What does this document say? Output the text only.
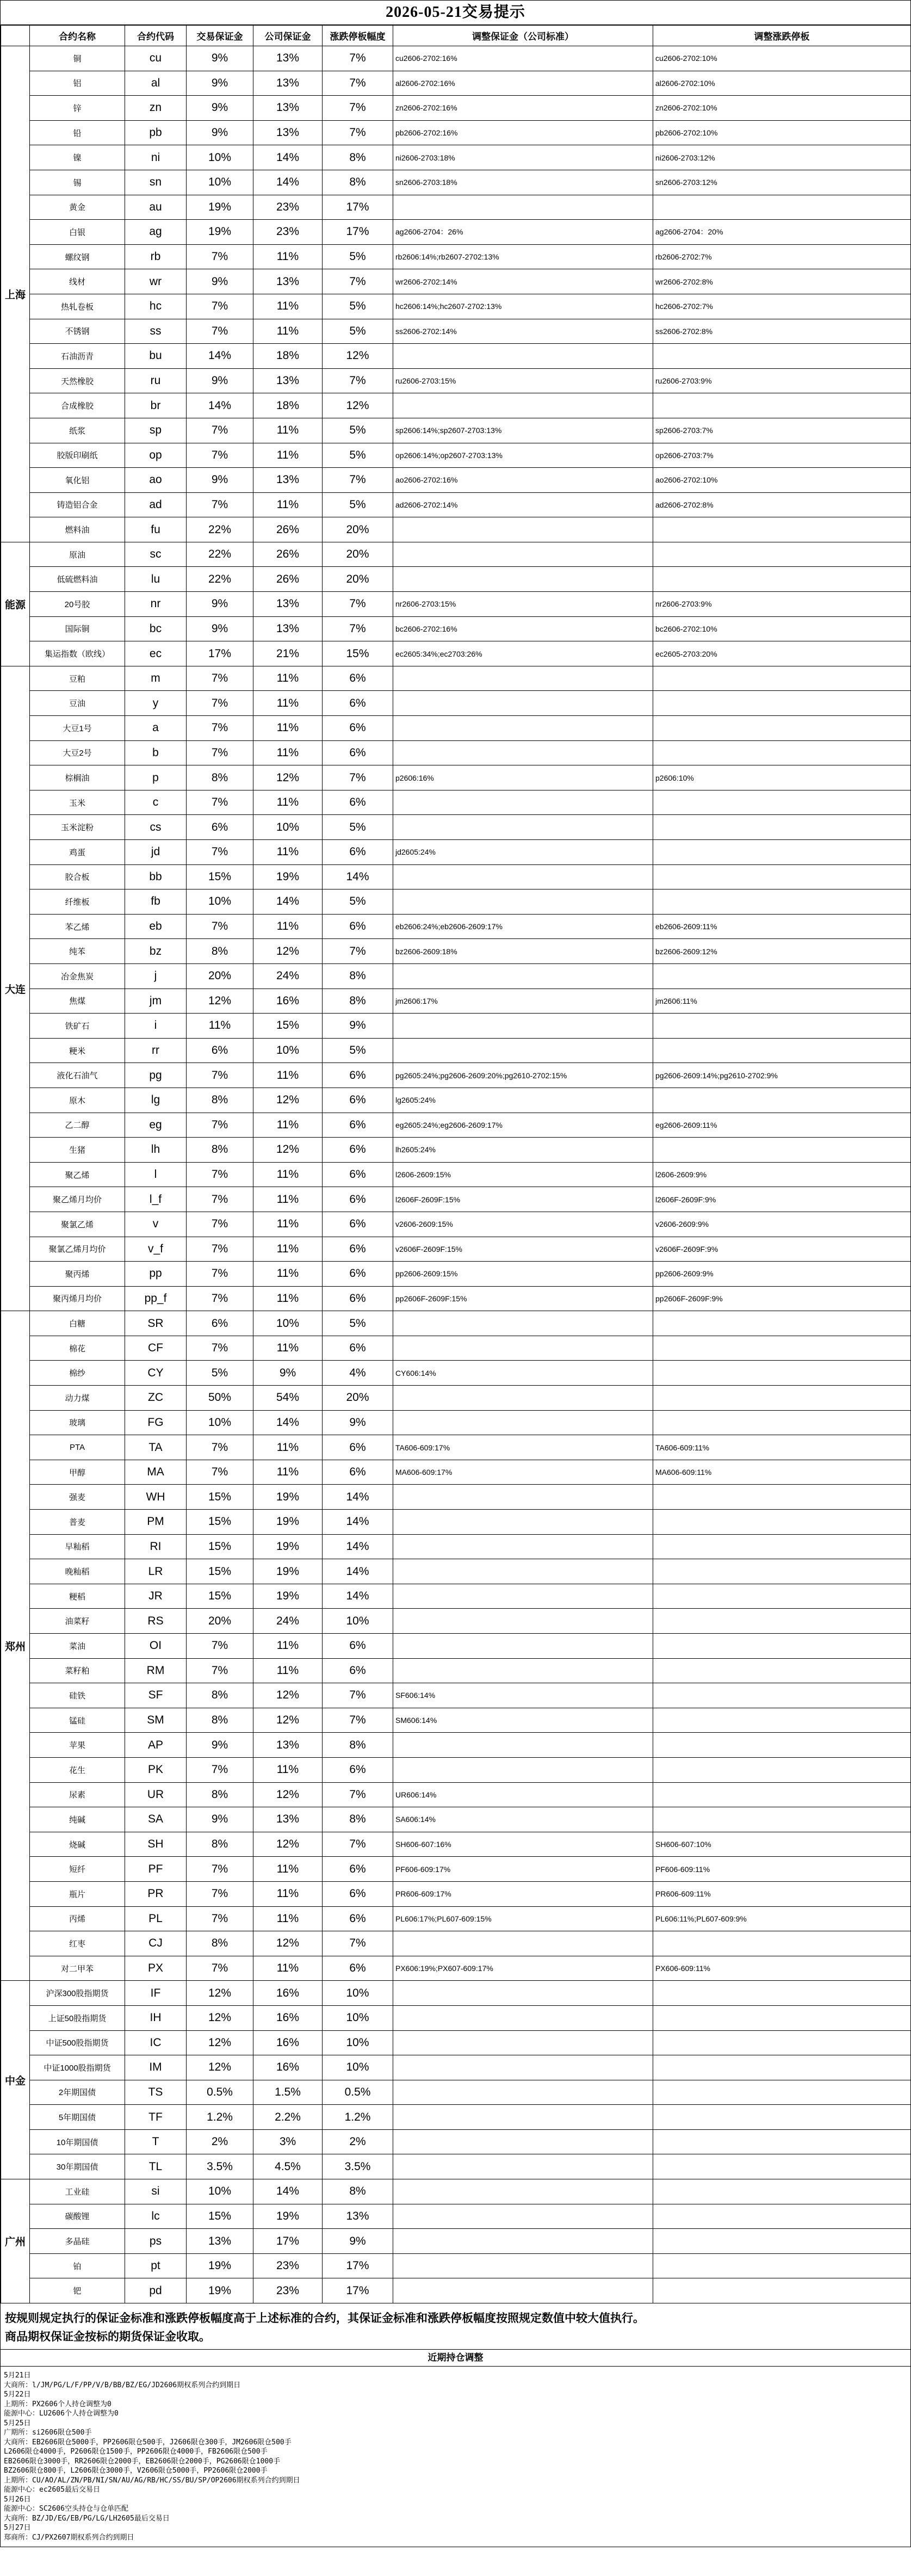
2026-05-21交易提示
	合约名称	合约代码	交易保证金	公司保证金	涨跌停板幅度	调整保证金（公司标准）	调整涨跌停板
上海	铜	cu	9%	13%	7%	cu2606-2702:16%	cu2606-2702:10%
	铝	al	9%	13%	7%	al2606-2702:16%	al2606-2702:10%
	锌	zn	9%	13%	7%	zn2606-2702:16%	zn2606-2702:10%
	铅	pb	9%	13%	7%	pb2606-2702:16%	pb2606-2702:10%
	镍	ni	10%	14%	8%	ni2606-2703:18%	ni2606-2703:12%
	锡	sn	10%	14%	8%	sn2606-2703:18%	sn2606-2703:12%
	黄金	au	19%	23%	17%		
	白银	ag	19%	23%	17%	ag2606-2704：26%	ag2606-2704：20%
	螺纹钢	rb	7%	11%	5%	rb2606:14%;rb2607-2702:13%	rb2606-2702:7%
	线材	wr	9%	13%	7%	wr2606-2702:14%	wr2606-2702:8%
	热轧卷板	hc	7%	11%	5%	hc2606:14%;hc2607-2702:13%	hc2606-2702:7%
	不锈钢	ss	7%	11%	5%	ss2606-2702:14%	ss2606-2702:8%
	石油沥青	bu	14%	18%	12%		
	天然橡胶	ru	9%	13%	7%	ru2606-2703:15%	ru2606-2703:9%
	合成橡胶	br	14%	18%	12%		
	纸浆	sp	7%	11%	5%	sp2606:14%;sp2607-2703:13%	sp2606-2703:7%
	胶版印刷纸	op	7%	11%	5%	op2606:14%;op2607-2703:13%	op2606-2703:7%
	氧化铝	ao	9%	13%	7%	ao2606-2702:16%	ao2606-2702:10%
	铸造铝合金	ad	7%	11%	5%	ad2606-2702:14%	ad2606-2702:8%
	燃料油	fu	22%	26%	20%		
能源	原油	sc	22%	26%	20%		
	低硫燃料油	lu	22%	26%	20%		
	20号胶	nr	9%	13%	7%	nr2606-2703:15%	nr2606-2703:9%
	国际铜	bc	9%	13%	7%	bc2606-2702:16%	bc2606-2702:10%
	集运指数（欧线）	ec	17%	21%	15%	ec2605:34%;ec2703:26%	ec2605-2703:20%
大连	豆粕	m	7%	11%	6%		
	豆油	y	7%	11%	6%		
	大豆1号	a	7%	11%	6%		
	大豆2号	b	7%	11%	6%		
	棕榈油	p	8%	12%	7%	p2606:16%	p2606:10%
	玉米	c	7%	11%	6%		
	玉米淀粉	cs	6%	10%	5%		
	鸡蛋	jd	7%	11%	6%	jd2605:24%	
	胶合板	bb	15%	19%	14%		
	纤维板	fb	10%	14%	5%		
	苯乙烯	eb	7%	11%	6%	eb2606:24%;eb2606-2609:17%	eb2606-2609:11%
	纯苯	bz	8%	12%	7%	bz2606-2609:18%	bz2606-2609:12%
	冶金焦炭	j	20%	24%	8%		
	焦煤	jm	12%	16%	8%	jm2606:17%	jm2606:11%
	铁矿石	i	11%	15%	9%		
	粳米	rr	6%	10%	5%		
	液化石油气	pg	7%	11%	6%	pg2605:24%;pg2606-2609:20%;pg2610-2702:15%	pg2606-2609:14%;pg2610-2702:9%
	原木	lg	8%	12%	6%	lg2605:24%	
	乙二醇	eg	7%	11%	6%	eg2605:24%;eg2606-2609:17%	eg2606-2609:11%
	生猪	lh	8%	12%	6%	lh2605:24%	
	聚乙烯	l	7%	11%	6%	l2606-2609:15%	l2606-2609:9%
	聚乙烯月均价	l_f	7%	11%	6%	l2606F-2609F:15%	l2606F-2609F:9%
	聚氯乙烯	v	7%	11%	6%	v2606-2609:15%	v2606-2609:9%
	聚氯乙烯月均价	v_f	7%	11%	6%	v2606F-2609F:15%	v2606F-2609F:9%
	聚丙烯	pp	7%	11%	6%	pp2606-2609:15%	pp2606-2609:9%
	聚丙烯月均价	pp_f	7%	11%	6%	pp2606F-2609F:15%	pp2606F-2609F:9%
郑州	白糖	SR	6%	10%	5%		
	棉花	CF	7%	11%	6%		
	棉纱	CY	5%	9%	4%	CY606:14%	
	动力煤	ZC	50%	54%	20%		
	玻璃	FG	10%	14%	9%		
	PTA	TA	7%	11%	6%	TA606-609:17%	TA606-609:11%
	甲醇	MA	7%	11%	6%	MA606-609:17%	MA606-609:11%
	强麦	WH	15%	19%	14%		
	普麦	PM	15%	19%	14%		
	早籼稻	RI	15%	19%	14%		
	晚籼稻	LR	15%	19%	14%		
	粳稻	JR	15%	19%	14%		
	油菜籽	RS	20%	24%	10%		
	菜油	OI	7%	11%	6%		
	菜籽粕	RM	7%	11%	6%		
	硅铁	SF	8%	12%	7%	SF606:14%	
	锰硅	SM	8%	12%	7%	SM606:14%	
	苹果	AP	9%	13%	8%		
	花生	PK	7%	11%	6%		
	尿素	UR	8%	12%	7%	UR606:14%	
	纯碱	SA	9%	13%	8%	SA606:14%	
	烧碱	SH	8%	12%	7%	SH606-607:16%	SH606-607:10%
	短纤	PF	7%	11%	6%	PF606-609:17%	PF606-609:11%
	瓶片	PR	7%	11%	6%	PR606-609:17%	PR606-609:11%
	丙烯	PL	7%	11%	6%	PL606:17%;PL607-609:15%	PL606:11%;PL607-609:9%
	红枣	CJ	8%	12%	7%		
	对二甲苯	PX	7%	11%	6%	PX606:19%;PX607-609:17%	PX606-609:11%
中金	沪深300股指期货	IF	12%	16%	10%		
	上证50股指期货	IH	12%	16%	10%		
	中证500股指期货	IC	12%	16%	10%		
	中证1000股指期货	IM	12%	16%	10%		
	2年期国债	TS	0.5%	1.5%	0.5%		
	5年期国债	TF	1.2%	2.2%	1.2%		
	10年期国债	T	2%	3%	2%		
	30年期国债	TL	3.5%	4.5%	3.5%		
广州	工业硅	si	10%	14%	8%		
	碳酸锂	lc	15%	19%	13%		
	多晶硅	ps	13%	17%	9%		
	铂	pt	19%	23%	17%		
	钯	pd	19%	23%	17%		
按规则规定执行的保证金标准和涨跌停板幅度高于上述标准的合约，其保证金标准和涨跌停板幅度按照规定数值中较大值执行。
商品期权保证金按标的期货保证金收取。
近期持仓调整
5月21日
大商所：l/JM/PG/L/F/PP/V/B/BB/BZ/EG/JD2606期权系列合约到期日
5月22日
上期所：PX2606个人持仓调整为0
能源中心：LU2606个人持仓调整为0
5月25日
广期所：si2606限仓500手
大商所：EB2606限仓5000手，PP2606限仓500手，J2606限仓300手，JM2606限仓500手
L2606限仓4000手，P2606限仓1500手，PP2606限仓4000手，FB2606限仓500手
EB2606限仓3000手，RR2606限仓2000手，EB2606限仓2000手，PG2606限仓1000手
BZ2606限仓800手，L2606限仓3000手，V2606限仓5000手，PP2606限仓2000手
上期所：CU/AO/AL/ZN/PB/NI/SN/AU/AG/RB/HC/SS/BU/SP/OP2606期权系列合约到期日
能源中心：ec2605最后交易日
5月26日
能源中心：SC2606空头持仓与仓单匹配
大商所：BZ/JD/EG/EB/PG/LG/LH2605最后交易日
5月27日
郑商所：CJ/PX2607期权系列合约到期日
